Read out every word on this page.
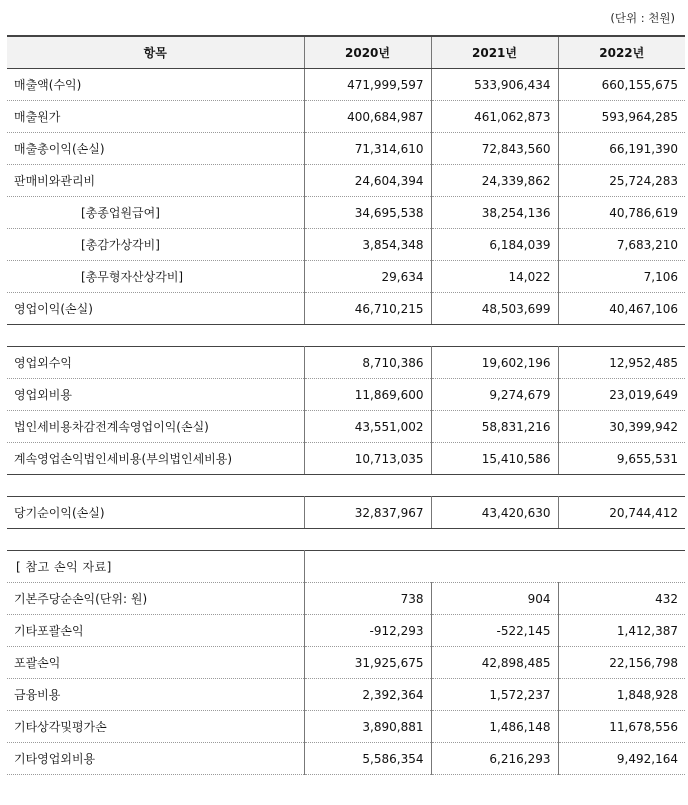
(단위 : 천원)
항목	2020년	2021년	2022년
매출액(수익)	471,999,597	533,906,434	660,155,675
매출원가	400,684,987	461,062,873	593,964,285
매출총이익(손실)	71,314,610	72,843,560	66,191,390
판매비와관리비	24,604,394	24,339,862	25,724,283
[총종업원급여]	34,695,538	38,254,136	40,786,619
[총감가상각비]	3,854,348	6,184,039	7,683,210
[총무형자산상각비]	29,634	14,022	7,106
영업이익(손실)	46,710,215	48,503,699	40,467,106

영업외수익	8,710,386	19,602,196	12,952,485
영업외비용	11,869,600	9,274,679	23,019,649
법인세비용차감전계속영업이익(손실)	43,551,002	58,831,216	30,399,942
계속영업손익법인세비용(부의법인세비용)	10,713,035	15,410,586	9,655,531

당기순이익(손실)	32,837,967	43,420,630	20,744,412

[ 참고 손익 자료]			
기본주당순손익(단위: 원)	738	904	432
기타포괄손익	-912,293	-522,145	1,412,387
포괄손익	31,925,675	42,898,485	22,156,798
금융비용	2,392,364	1,572,237	1,848,928
기타상각및평가손	3,890,881	1,486,148	11,678,556
기타영업외비용	5,586,354	6,216,293	9,492,164
